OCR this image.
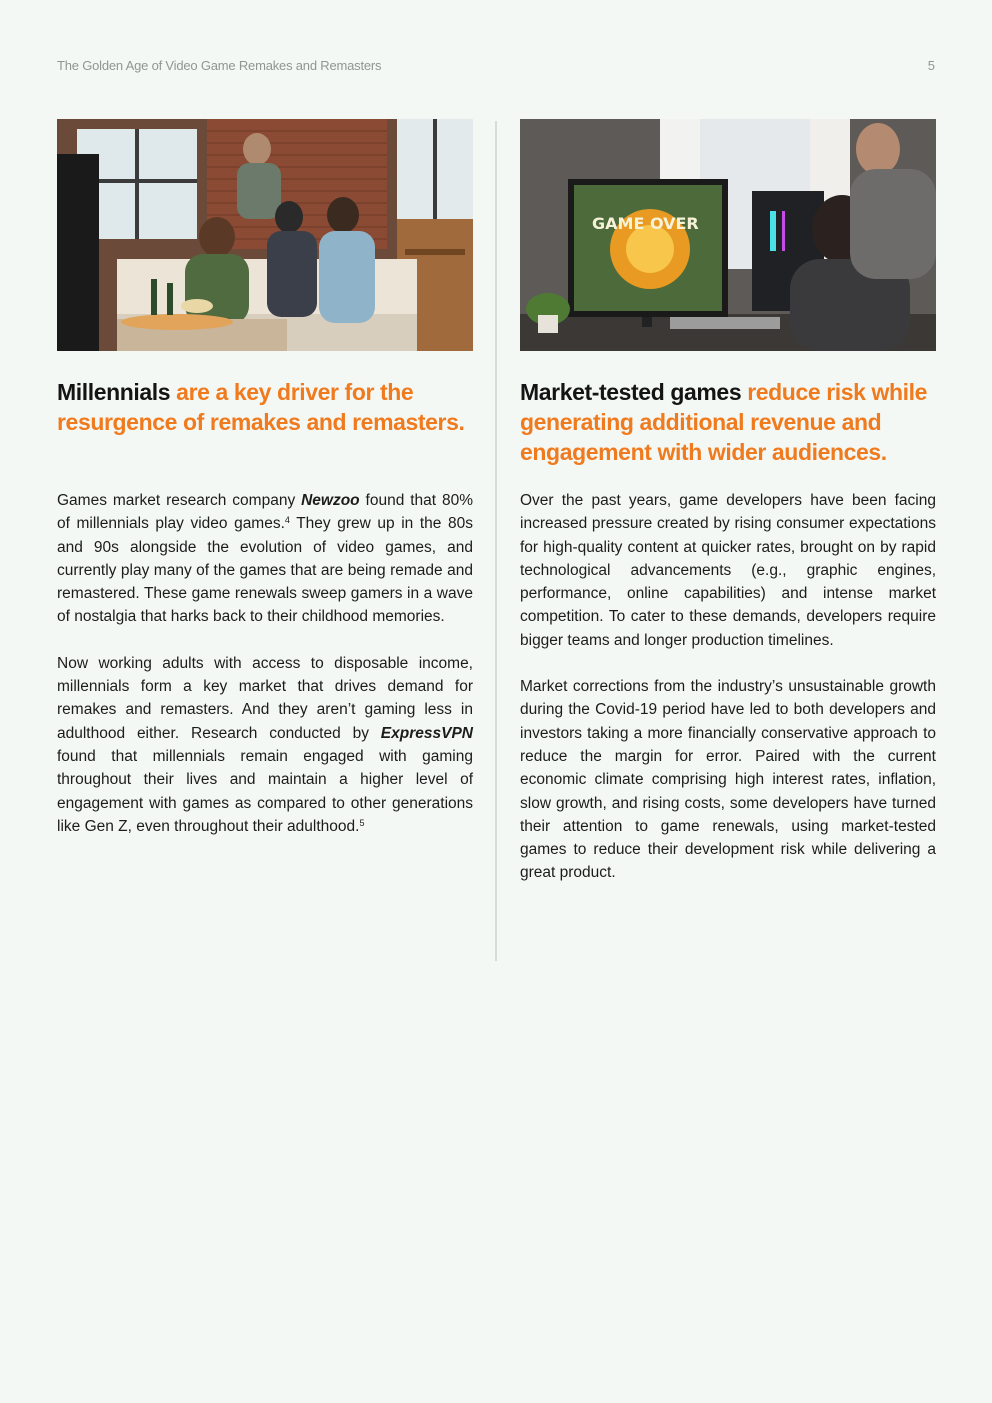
The Golden Age of Video Game Remakes and Remasters	5
Millennials are a key driver for the resurgence of remakes and remasters.

Games market research company Newzoo found that 80% of millennials play video games.$^4$ They grew up in the 80s and 90s alongside the evolution of video games, and currently play many of the games that are being remade and remastered. These game renewals sweep gamers in a wave of nostalgia that harks back to their childhood memories.

Now working adults with access to disposable income, millennials form a key market that drives demand for remakes and remasters. And they aren’t gaming less in adulthood either. Research conducted by ExpressVPN found that millennials remain engaged with gaming throughout their lives and maintain a higher level of engagement with games as compared to other generations like Gen Z, even throughout their adulthood.$^5$

GAME OVER
Market-tested games reduce risk while generating additional revenue and engagement with wider audiences.

Over the past years, game developers have been facing increased pressure created by rising consumer expectations for high-quality content at quicker rates, brought on by rapid technological advancements (e.g., graphic engines, performance, online capabilities) and intense market competition. To cater to these demands, developers require bigger teams and longer production timelines.

Market corrections from the industry’s unsustainable growth during the Covid-19 period have led to both developers and investors taking a more financially conservative approach to reduce the margin for error. Paired with the current economic climate comprising high interest rates, inflation, slow growth, and rising costs, some developers have turned their attention to game renewals, using market-tested games to reduce their development risk while delivering a great product.
